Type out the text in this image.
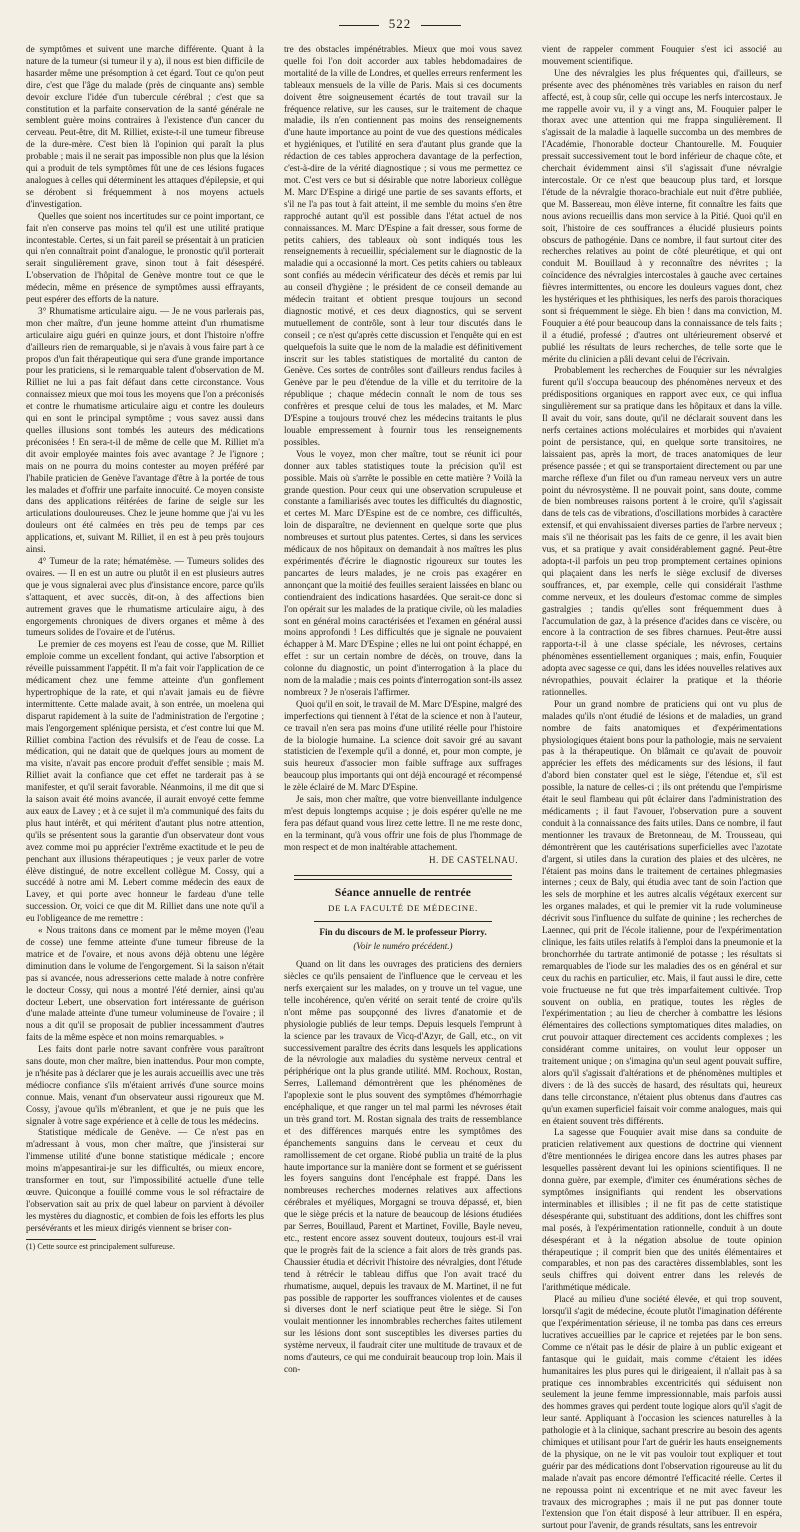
522

de symptômes et suivent une marche différente. Quant à la nature de la tumeur (si tumeur il y a), il nous est bien difficile de hasarder même une présomption à cet égard. Tout ce qu'on peut dire, c'est que l'âge du malade (près de cinquante ans) semble devoir exclure l'idée d'un tubercule cérébral ; c'est que sa constitution et la parfaite conservation de la santé générale ne semblent guère moins contraires à l'existence d'un cancer du cerveau. Peut-être, dit M. Rilliet, existe-t-il une tumeur fibreuse de la dure-mère. C'est bien là l'opinion qui paraît la plus probable ; mais il ne serait pas impossible non plus que la lésion qui a produit de tels symptômes fût une de ces lésions fugaces analogues à celles qui déterminent les attaques d'épilepsie, et qui se dérobent si fréquemment à nos moyens actuels d'investigation.

Quelles que soient nos incertitudes sur ce point important, ce fait n'en conserve pas moins tel qu'il est une utilité pratique incontestable. Certes, si un fait pareil se présentait à un praticien qui n'en connaîtrait point d'analogue, le pronostic qu'il porterait serait singulièrement grave, sinon tout à fait désespéré. L'observation de l'hôpital de Genève montre tout ce que le médecin, même en présence de symptômes aussi effrayants, peut espérer des efforts de la nature.

3° Rhumatisme articulaire aigu. — Je ne vous parlerais pas, mon cher maître, d'un jeune homme atteint d'un rhumatisme articulaire aigu guéri en quinze jours, et dont l'histoire n'offre d'ailleurs rien de remarquable, si je n'avais à vous faire part à ce propos d'un fait thérapeutique qui sera d'une grande importance pour les praticiens, si le remarquable talent d'observation de M. Rilliet ne lui a pas fait défaut dans cette circonstance. Vous connaissez mieux que moi tous les moyens que l'on a préconisés et contre le rhumatisme articulaire aigu et contre les douleurs qui en sont le principal symptôme ; vous savez aussi dans quelles illusions sont tombés les auteurs des médications préconisées ! En sera-t-il de même de celle que M. Rilliet m'a dit avoir employée maintes fois avec avantage ? Je l'ignore ; mais on ne pourra du moins contester au moyen préféré par l'habile praticien de Genève l'avantage d'être à la portée de tous les malades et d'offrir une parfaite innocuité. Ce moyen consiste dans des applications réitérées de farine de seigle sur les articulations douloureuses. Chez le jeune homme que j'ai vu les douleurs ont été calmées en très peu de temps par ces applications, et, suivant M. Rilliet, il en est à peu près toujours ainsi.

4° Tumeur de la rate; hématémèse. — Tumeurs solides des ovaires. — Il en est un autre ou plutôt il en est plusieurs autres que je vous signalerai avec plus d'insistance encore, parce qu'ils s'attaquent, et avec succès, dit-on, à des affections bien autrement graves que le rhumatisme articulaire aigu, à des engorgements chroniques de divers organes et même à des tumeurs solides de l'ovaire et de l'utérus.

Le premier de ces moyens est l'eau de cosse, que M. Rilliet emploie comme un excellent fondant, qui active l'absorption et réveille puissamment l'appétit. Il m'a fait voir l'application de ce médicament chez une femme atteinte d'un gonflement hypertrophique de la rate, et qui n'avait jamais eu de fièvre intermittente. Cette malade avait, à son entrée, un moelena qui disparut rapidement à la suite de l'administration de l'ergotine ; mais l'engorgement splénique persista, et c'est contre lui que M. Rilliet combina l'action des révulsifs et de l'eau de cosse. La médication, qui ne datait que de quelques jours au moment de ma visite, n'avait pas encore produit d'effet sensible ; mais M. Rilliet avait la confiance que cet effet ne tarderait pas à se manifester, et qu'il serait favorable. Néanmoins, il me dit que si la saison avait été moins avancée, il aurait envoyé cette femme aux eaux de Lavey ; et à ce sujet il m'a communiqué des faits du plus haut intérêt, et qui méritent d'autant plus notre attention, qu'ils se présentent sous la garantie d'un observateur dont vous avez comme moi pu apprécier l'extrême exactitude et le peu de penchant aux illusions thérapeutiques ; je veux parler de votre élève distingué, de notre excellent collègue M. Cossy, qui a succédé à notre ami M. Lebert comme médecin des eaux de Lavey, et qui porte avec honneur le fardeau d'une telle succession. Or, voici ce que dit M. Rilliet dans une note qu'il a eu l'obligeance de me remettre :

« Nous traitons dans ce moment par le même moyen (l'eau de cosse) une femme atteinte d'une tumeur fibreuse de la matrice et de l'ovaire, et nous avons déjà obtenu une légère diminution dans le volume de l'engorgement. Si la saison n'était pas si avancée, nous adresserions cette malade à notre confrère le docteur Cossy, qui nous a montré l'été dernier, ainsi qu'au docteur Lebert, une observation fort intéressante de guérison d'une malade atteinte d'une tumeur volumineuse de l'ovaire ; il nous a dit qu'il se proposait de publier incessamment d'autres faits de la même espèce et non moins remarquables. »

Les faits dont parle notre savant confrère vous paraîtront sans doute, mon cher maître, bien inattendus. Pour mon compte, je n'hésite pas à déclarer que je les aurais accueillis avec une très médiocre confiance s'ils m'étaient arrivés d'une source moins connue. Mais, venant d'un observateur aussi rigoureux que M. Cossy, j'avoue qu'ils m'ébranlent, et que je ne puis que les signaler à votre sage expérience et à celle de tous les médecins.

Statistique médicale de Genève. — Ce n'est pas en m'adressant à vous, mon cher maître, que j'insisterai sur l'immense utilité d'une bonne statistique médicale ; encore moins m'appesantirai-je sur les difficultés, ou mieux encore, transformer en tout, sur l'impossibilité actuelle d'une telle œuvre. Quiconque a fouillé comme vous le sol réfractaire de l'observation sait au prix de quel labeur on parvient à dévoiler les mystères du diagnostic, et combien de fois les efforts les plus persévérants et les mieux dirigés viennent se briser con-

(1) Cette source est principalement sulfureuse.

tre des obstacles impénétrables. Mieux que moi vous savez quelle foi l'on doit accorder aux tables hebdomadaires de mortalité de la ville de Londres, et quelles erreurs renferment les tableaux mensuels de la ville de Paris. Mais si ces documents doivent être soigneusement écartés de tout travail sur la fréquence relative, sur les causes, sur le traitement de chaque maladie, ils n'en contiennent pas moins des renseignements d'une haute importance au point de vue des questions médicales et hygiéniques, et l'utilité en sera d'autant plus grande que la rédaction de ces tables approchera davantage de la perfection, c'est-à-dire de la vérité diagnostique ; si vous me permettez ce mot. C'est vers ce but si désirable que notre laborieux collègue M. Marc D'Espine a dirigé une partie de ses savants efforts, et s'il ne l'a pas tout à fait atteint, il me semble du moins s'en être rapproché autant qu'il est possible dans l'état actuel de nos connaissances. M. Marc D'Espine a fait dresser, sous forme de petits cahiers, des tableaux où sont indiqués tous les renseignements à recueillir, spécialement sur le diagnostic de la maladie qui a occasionné la mort. Ces petits cahiers ou tableaux sont confiés au médecin vérificateur des décès et remis par lui au conseil d'hygiène ; le président de ce conseil demande au médecin traitant et obtient presque toujours un second diagnostic motivé, et ces deux diagnostics, qui se servent mutuellement de contrôle, sont à leur tour discutés dans le conseil ; ce n'est qu'après cette discussion et l'enquête qui en est quelquefois la suite que le nom de la maladie est définitivement inscrit sur les tables statistiques de mortalité du canton de Genève. Ces sortes de contrôles sont d'ailleurs rendus faciles à Genève par le peu d'étendue de la ville et du territoire de la république ; chaque médecin connaît le nom de tous ses confrères et presque celui de tous les malades, et M. Marc D'Espine a toujours trouvé chez les médecins traitants le plus louable empressement à fournir tous les renseignements possibles.

Vous le voyez, mon cher maître, tout se réunit ici pour donner aux tables statistiques toute la précision qu'il est possible. Mais où s'arrête le possible en cette matière ? Voilà la grande question. Pour ceux qui une observation scrupuleuse et constante a familiarisés avec toutes les difficultés du diagnostic, et certes M. Marc D'Espine est de ce nombre, ces difficultés, loin de disparaître, ne deviennent en quelque sorte que plus nombreuses et surtout plus patentes. Certes, si dans les services médicaux de nos hôpitaux on demandait à nos maîtres les plus expérimentés d'écrire le diagnostic rigoureux sur toutes les pancartes de leurs malades, je ne crois pas exagérer en annonçant que la moitié des feuilles seraient laissées en blanc ou contiendraient des indications hasardées. Que serait-ce donc si l'on opérait sur les malades de la pratique civile, où les maladies sont en général moins caractérisées et l'examen en général aussi moins approfondi ! Les difficultés que je signale ne pouvaient échapper à M. Marc D'Espine ; elles ne lui ont point échappé, en effet : sur un certain nombre de décès, on trouve, dans la colonne du diagnostic, un point d'interrogation à la place du nom de la maladie ; mais ces points d'interrogation sont-ils assez nombreux ? Je n'oserais l'affirmer.

Quoi qu'il en soit, le travail de M. Marc D'Espine, malgré des imperfections qui tiennent à l'état de la science et non à l'auteur, ce travail n'en sera pas moins d'une utilité réelle pour l'histoire de la biologie humaine. La science doit savoir gré au savant statisticien de l'exemple qu'il a donné, et, pour mon compte, je suis heureux d'associer mon faible suffrage aux suffrages beaucoup plus importants qui ont déjà encouragé et récompensé le zèle éclairé de M. Marc D'Espine.

Je sais, mon cher maître, que votre bienveillante indulgence m'est depuis longtemps acquise ; je dois espérer qu'elle ne me fera pas défaut quand vous lirez cette lettre. Il ne me reste donc, en la terminant, qu'à vous offrir une fois de plus l'hommage de mon respect et de mon inaltérable attachement.

H. DE CASTELNAU.
Séance annuelle de rentrée
DE LA FACULTÉ DE MÉDECINE.
Fin du discours de M. le professeur Piorry.
(Voir le numéro précédent.)

Quand on lit dans les ouvrages des praticiens des derniers siècles ce qu'ils pensaient de l'influence que le cerveau et les nerfs exerçaient sur les malades, on y trouve un tel vague, une telle incohérence, qu'en vérité on serait tenté de croire qu'ils n'ont même pas soupçonné des livres d'anatomie et de physiologie publiés de leur temps. Depuis lesquels l'emprunt à la science par les travaux de Vicq-d'Azyr, de Gall, etc., on vit successivement paraître des écrits dans lesquels les applications de la névrologie aux maladies du système nerveux central et périphérique ont la plus grande utilité. MM. Rochoux, Rostan, Serres, Lallemand démontrèrent que les phénomènes de l'apoplexie sont le plus souvent des symptômes d'hémorrhagie encéphalique, et que ranger un tel mal parmi les névroses était un très grand tort. M. Rostan signala des traits de ressemblance et des différences marqués entre les symptômes des épanchements sanguins dans le cerveau et ceux du ramollissement de cet organe. Riobé publia un traité de la plus haute importance sur la manière dont se forment et se guérissent les foyers sanguins dont l'encéphale est frappé. Dans les nombreuses recherches modernes relatives aux affections cérébrales et myéliques, Morgagni se trouva dépassé, et, bien que le siège précis et la nature de beaucoup de lésions étudiées par Serres, Bouillaud, Parent et Martinet, Foville, Bayle neveu, etc., restent encore assez souvent douteux, toujours est-il vrai que le progrès fait de la science a fait alors de très grands pas. Chaussier étudia et décrivit l'histoire des névralgies, dont l'étude tend à rétrécir le tableau diffus que l'on avait tracé du rhumatisme, auquel, depuis les travaux de M. Martinet, il ne fut pas possible de rapporter les souffrances violentes et de causes si diverses dont le nerf sciatique peut être le siège. Si l'on voulait mentionner les innombrables recherches faites utilement sur les lésions dont sont susceptibles les diverses parties du système nerveux, il faudrait citer une multitude de travaux et de noms d'auteurs, ce qui me conduirait beaucoup trop loin. Mais il con-

vient de rappeler comment Fouquier s'est ici associé au mouvement scientifique.

Une des névralgies les plus fréquentes qui, d'ailleurs, se présente avec des phénomènes très variables en raison du nerf affecté, est, à coup sûr, celle qui occupe les nerfs intercostaux. Je me rappelle avoir vu, il y a vingt ans, M. Fouquier palper le thorax avec une attention qui me frappa singulièrement. Il s'agissait de la maladie à laquelle succomba un des membres de l'Académie, l'honorable docteur Chantourelle. M. Fouquier pressait successivement tout le bord inférieur de chaque côte, et cherchait évidemment ainsi s'il s'agissait d'une névralgie intercostale. Or ce n'est que beaucoup plus tard, et lorsque l'étude de la névralgie thoraco-brachiale eut nuit d'être publiée, que M. Bassereau, mon élève interne, fit connaître les faits que nous avions recueillis dans mon service à la Pitié. Quoi qu'il en soit, l'histoire de ces souffrances a élucidé plusieurs points obscurs de pathogénie. Dans ce nombre, il faut surtout citer des recherches relatives au point de côté pleurétique, et qui ont conduit M. Bouillaud à y reconnaître des névrites ; la coïncidence des névralgies intercostales à gauche avec certaines fièvres intermittentes, ou encore les douleurs vagues dont, chez les hystériques et les phthisiques, les nerfs des parois thoraciques sont si fréquemment le siège. Eh bien ! dans ma conviction, M. Fouquier a été pour beaucoup dans la connaissance de tels faits ; il a étudié, professé ; d'autres ont ultérieurement observé et publié les résultats de leurs recherches, de telle sorte que le mérite du clinicien a pâli devant celui de l'écrivain.

Probablement les recherches de Fouquier sur les névralgies furent qu'il s'occupa beaucoup des phénomènes nerveux et des prédispositions organiques en rapport avec eux, ce qui influa singulièrement sur sa pratique dans les hôpitaux et dans la ville. Il avait du voir, sans doute, qu'il ne déclarait souvent dans les nerfs certaines actions moléculaires et morbides qui n'avaient point de persistance, qui, en quelque sorte transitoires, ne laissaient pas, après la mort, de traces anatomiques de leur présence passée ; et qui se transportaient directement ou par une marche réflexe d'un filet ou d'un rameau nerveux vers un autre point du névrosystème. Il ne pouvait point, sans doute, comme de bien nombreuses raisons portent à le croire, qu'il s'agissait dans de tels cas de vibrations, d'oscillations morbides à caractère extensif, et qui envahissaient diverses parties de l'arbre nerveux ; mais s'il ne théorisait pas les faits de ce genre, il les avait bien vus, et sa pratique y avait considérablement gagné. Peut-être adopta-t-il parfois un peu trop promptement certaines opinions qui plaçaient dans les nerfs le siège exclusif de diverses souffrances, et, par exemple, celle qui considérait l'asthme comme nerveux, et les douleurs d'estomac comme de simples gastralgies ; tandis qu'elles sont fréquemment dues à l'accumulation de gaz, à la présence d'acides dans ce viscère, ou encore à la contraction de ses fibres charnues. Peut-être aussi rapporta-t-il à une classe spéciale, les névroses, certains phénomènes essentiellement organiques ; mais, enfin, Fouquier adopta avec sagesse ce qui, dans les idées nouvelles relatives aux névropathies, pouvait éclairer la pratique et la théorie rationnelles.

Pour un grand nombre de praticiens qui ont vu plus de malades qu'ils n'ont étudié de lésions et de maladies, un grand nombre de faits anatomiques et d'expérimentations physiologiques étaient bons pour la pathologie, mais ne servaient pas à la thérapeutique. On blâmait ce qu'avait de pouvoir apprécier les effets des médicaments sur des lésions, il faut d'abord bien constater quel est le siège, l'étendue et, s'il est possible, la nature de celles-ci ; ils ont prétendu que l'empirisme était le seul flambeau qui pût éclairer dans l'administration des médicaments ; il faut l'avouer, l'observation pure a souvent conduit à la connaissance des faits utiles. Dans ce nombre, il faut mentionner les travaux de Bretonneau, de M. Trousseau, qui démontrèrent que les cautérisations superficielles avec l'azotate d'argent, si utiles dans la curation des plaies et des ulcères, ne l'étaient pas moins dans le traitement de certaines phlegmasies internes ; ceux de Baly, qui étudia avec tant de soin l'action que les sels de morphine et les autres alcalis végétaux exercent sur les organes malades, et qui le premier vit la rude volumineuse décrivit sous l'influence du sulfate de quinine ; les recherches de Laennec, qui prit de l'école italienne, pour de l'expérimentation clinique, les faits utiles relatifs à l'emploi dans la pneumonie et la bronchorrhée du tartrate antimonié de potasse ; les résultats si remarquables de l'iode sur les maladies des os en général et sur ceux du rachis en particulier, etc. Mais, il faut aussi le dire, cette voie fructueuse ne fut que très imparfaitement cultivée. Trop souvent on oublia, en pratique, toutes les règles de l'expérimentation ; au lieu de chercher à combattre les lésions élémentaires des collections symptomatiques dites maladies, on crut pouvoir attaquer directement ces accidents complexes ; les considérant comme unitaires, on voulut leur opposer un traitement unique ; on s'imagina qu'un seul agent pouvait suffire, alors qu'il s'agissait d'altérations et de phénomènes multiples et divers : de là des succès de hasard, des résultats qui, heureux dans telle circonstance, n'étaient plus obtenus dans d'autres cas qu'un examen superficiel faisait voir comme analogues, mais qui en étaient souvent très différents.

La sagesse que Fouquier avait mise dans sa conduite de praticien relativement aux questions de doctrine qui viennent d'être mentionnées le dirigea encore dans les autres phases par lesquelles passèrent devant lui les opinions scientifiques. Il ne donna guère, par exemple, d'imiter ces énumérations sèches de symptômes insignifiants qui rendent les observations interminables et illisibles ; il ne fit pas de cette statistique désespérante qui, substituant des additions, dont les chiffres sont mal posés, à l'expérimentation rationnelle, conduit à un doute désespérant et à la négation absolue de toute opinion thérapeutique ; il comprit bien que des unités élémentaires et comparables, et non pas des caractères dissemblables, sont les seuls chiffres qui doivent entrer dans les relevés de l'arithmétique médicale.

Placé au milieu d'une société élevée, et qui trop souvent, lorsqu'il s'agit de médecine, écoute plutôt l'imagination déférente que l'expérimentation sérieuse, il ne tomba pas dans ces erreurs lucratives accueillies par le caprice et rejetées par le bon sens. Comme ce n'était pas le désir de plaire à un public exigeant et fantasque qui le guidait, mais comme c'étaient les idées humanitaires les plus pures qui le dirigeaient, il n'allait pas à sa pratique ces innombrables excentricités qui séduisent non seulement la jeune femme impressionnable, mais parfois aussi des hommes graves qui perdent toute logique alors qu'il s'agit de leur santé. Appliquant à l'occasion les sciences naturelles à la pathologie et à la clinique, sachant prescrire au besoin des agents chimiques et utilisant pour l'art de guérir les hauts enseignements de la physique, on ne le vit pas vouloir tout expliquer et tout guérir par des médications dont l'observation rigoureuse au lit du malade n'avait pas encore démontré l'efficacité réelle. Certes il ne repoussa point ni excentrique et ne mit avec faveur les travaux des micrographes ; mais il ne put pas donner toute l'extension que l'on était disposé à leur attribuer. Il en espéra, surtout pour l'avenir, de grands résultats, sans les entrevoir
